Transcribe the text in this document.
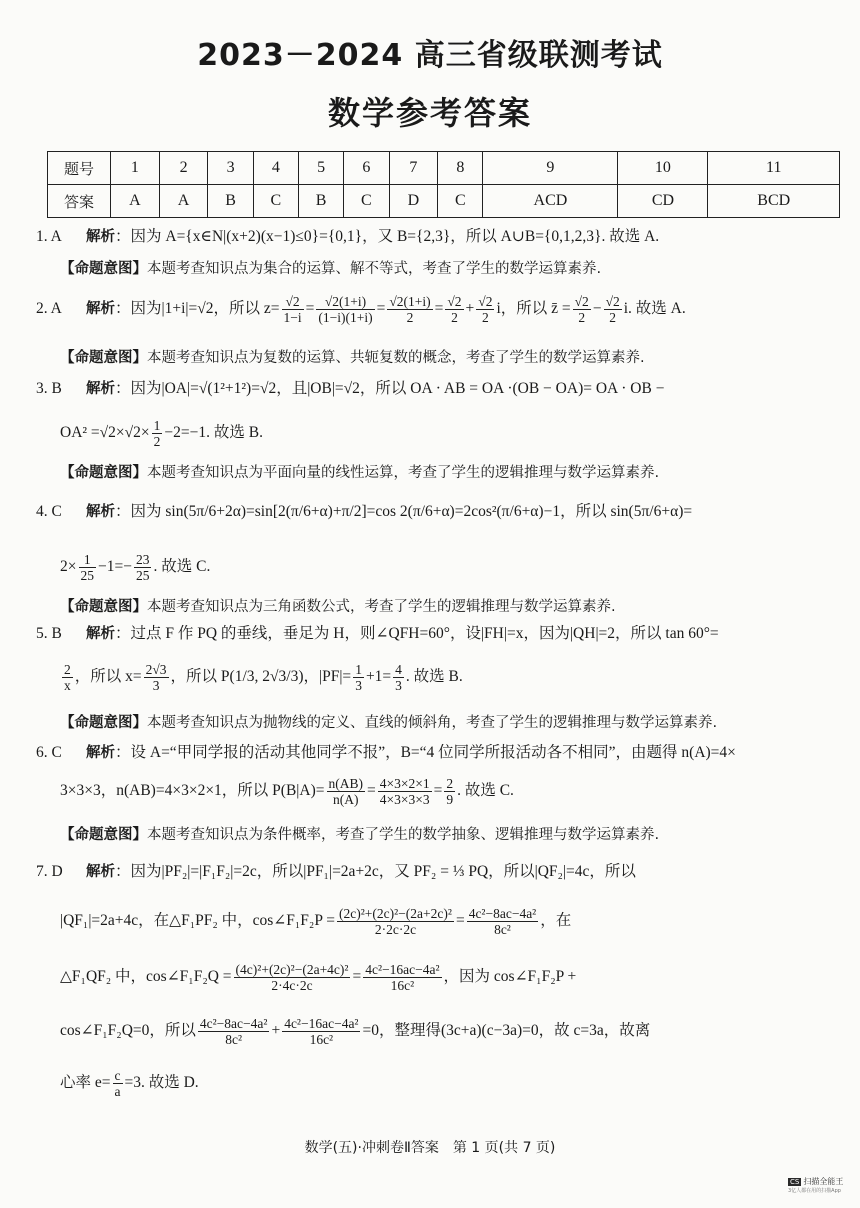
2023－2024 高三省级联测考试
数学参考答案
题号	1	2	3	4	5	6	7	8	9	10	11
答案	A	A	B	C	B	C	D	C	ACD	CD	BCD
1. A 解析：因为 A={x∈N|(x+2)(x−1)≤0}={0,1}，又 B={2,3}，所以 A∪B={0,1,2,3}. 故选 A.
【命题意图】本题考查知识点为集合的运算、解不等式，考查了学生的数学运算素养.
2. A 解析：因为|1+i|=√2，所以 $z= \frac{√2}{1-i} = \frac{√2(1+i)}{(1-i)(1+i)} = \frac{√2(1+i)}{2} = \frac{√2}{2} + \frac{√2}{2}$ i，所以 z̄ = $\frac{√2}{2} - \frac{√2}{2} i$. 故选 A.
【命题意图】本题考查知识点为复数的运算、共轭复数的概念，考查了学生的数学运算素养.
3. B 解析：因为|OA|=√(1²+1²)=√2，且|OB|=√2，所以 OA · AB = OA ·(OB − OA)= OA · OB −
$OA^2 =√2\times√2\times \frac{1}{2} -2=-1$. 故选 B.
【命题意图】本题考查知识点为平面向量的线性运算，考查了学生的逻辑推理与数学运算素养.
4. C 解析：因为 sin(5π/6+2α)=sin[2(π/6+α)+π/2]=cos 2(π/6+α)=2cos²(π/6+α)−1，所以 sin(5π/6+α)=
$2\times \frac{1}{25} -1=- \frac{23}{25}$ . 故选 C.
【命题意图】本题考查知识点为三角函数公式，考查了学生的逻辑推理与数学运算素养.
5. B 解析：过点 F 作 PQ 的垂线，垂足为 H，则∠QFH=60°，设|FH|=x，因为|QH|=2，所以 tan 60°=
$\frac{2}{x}$ ，所以 $x= \frac{2√3}{3}$ ，所以 P(1/3, 2√3/3)，$|PF|= \frac{1}{3} +1= \frac{4}{3}$ . 故选 B.
【命题意图】本题考查知识点为抛物线的定义、直线的倾斜角，考查了学生的逻辑推理与数学运算素养.
6. C 解析：设 A=“甲同学报的活动其他同学不报”，B=“4 位同学所报活动各不相同”，由题得 n(A)=4×
3×3×3，n(AB)=4×3×2×1，所以 $P(B|A)= \frac{n(AB)}{n(A)} = \frac{4\times 3\times 2\times 1}{4\times 3\times 3\times 3} = \frac{2}{9}$ . 故选 C.
【命题意图】本题考查知识点为条件概率，考查了学生的数学抽象、逻辑推理与数学运算素养.
7. D 解析：因为|PF₂|=|F₁F₂|=2c，所以|PF₁|=2a+2c，又 PF₂ = ⅓ PQ，所以|QF₂|=4c，所以
|QF₁|=2a+4c，在△F₁PF₂ 中，cos∠F₁F₂P = $\frac{\text{(2c)²+(2c)²−(2a+2c)²}}{2\cdot 2c\cdot 2c} = \frac{\text{4c²−8ac−4a²}}{\text{8c²}}$ ，在
△F₁QF₂ 中，cos∠F₁F₂Q = $\frac{\text{(4c)²+(2c)²−(2a+4c)²}}{2\cdot 4c\cdot 2c} = \frac{\text{4c²−16ac−4a²}}{\text{16c²}}$ ，因为 cos∠F₁F₂P +
cos∠F₁F₂Q=0，所以 $\frac{\text{4c²−8ac−4a²}}{\text{8c²}} + \frac{\text{4c²−16ac−4a²}}{\text{16c²}} =0$，整理得(3c+a)(c−3a)=0，故 c=3a，故离
心率 $e= \frac{c}{a} =3$. 故选 D.
数学(五)·冲刺卷Ⅱ答案　第 1 页(共 7 页)
CS 扫描全能王
3亿人都在用的扫描App
